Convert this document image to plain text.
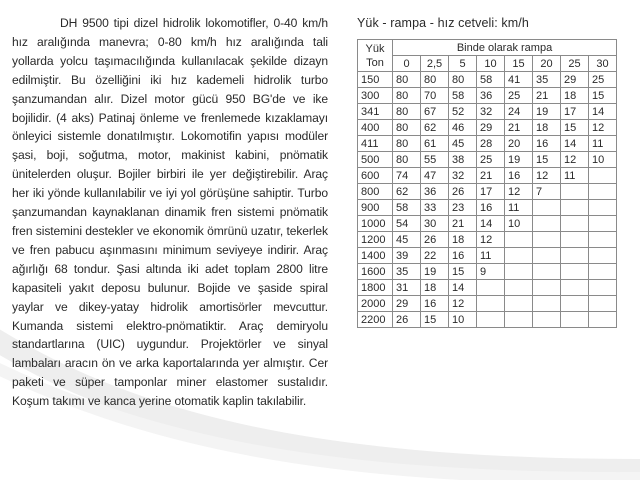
DH 9500 tipi dizel hidrolik lokomotifler, 0-40 km/h hız aralığında manevra; 0-80 km/h hız aralığında tali yollarda yolcu taşımacılığında kullanılacak şekilde dizayn edilmiştir. Bu özelliğini iki hız kademeli hidrolik turbo şanzumandan alır. Dizel motor gücü 950 BG'de ve ike bojilidir. (4 aks) Patinaj önleme ve frenlemede kızaklamayı önleyici sistemle donatılmıştır. Lokomotifin yapısı modüler şasi, boji, soğutma, motor, makinist kabini, pnömatik ünitelerden oluşur. Bojiler birbiri ile yer değiştirebilir. Araç her iki yönde kullanılabilir ve iyi yol görüşüne sahiptir. Turbo şanzumandan kaynaklanan dinamik fren sistemi pnömatik fren sistemini destekler ve ekonomik ömrünü uzatır, tekerlek ve fren pabucu aşınmasını minimum seviyeye indirir. Araç ağırlığı 68 tondur. Şasi altında iki adet toplam 2800 litre kapasiteli yakıt deposu bulunur. Bojide ve şaside spiral yaylar ve dikey-yatay hidrolik amortisörler mevcuttur. Kumanda sistemi elektro-pnömatiktir. Araç demiryolu standartlarına (UIC) uygundur. Projektörler ve sinyal lambaları aracın ön ve arka kaportalarında yer almıştır. Cer paketi ve süper tamponlar miner elastomer sustalıdır. Koşum takımı ve kanca yerine otomatik kaplin takılabilir.
Yük - rampa - hız cetveli: km/h
Yük
Ton	Binde olarak rampa							
	0	2,5	5	10	15	20	25	30
150	80	80	80	58	41	35	29	25
300	80	70	58	36	25	21	18	15
341	80	67	52	32	24	19	17	14
400	80	62	46	29	21	18	15	12
411	80	61	45	28	20	16	14	11
500	80	55	38	25	19	15	12	10
600	74	47	32	21	16	12	11	
800	62	36	26	17	12	7		
900	58	33	23	16	11			
1000	54	30	21	14	10			
1200	45	26	18	12				
1400	39	22	16	11				
1600	35	19	15	9				
1800	31	18	14					
2000	29	16	12					
2200	26	15	10					
